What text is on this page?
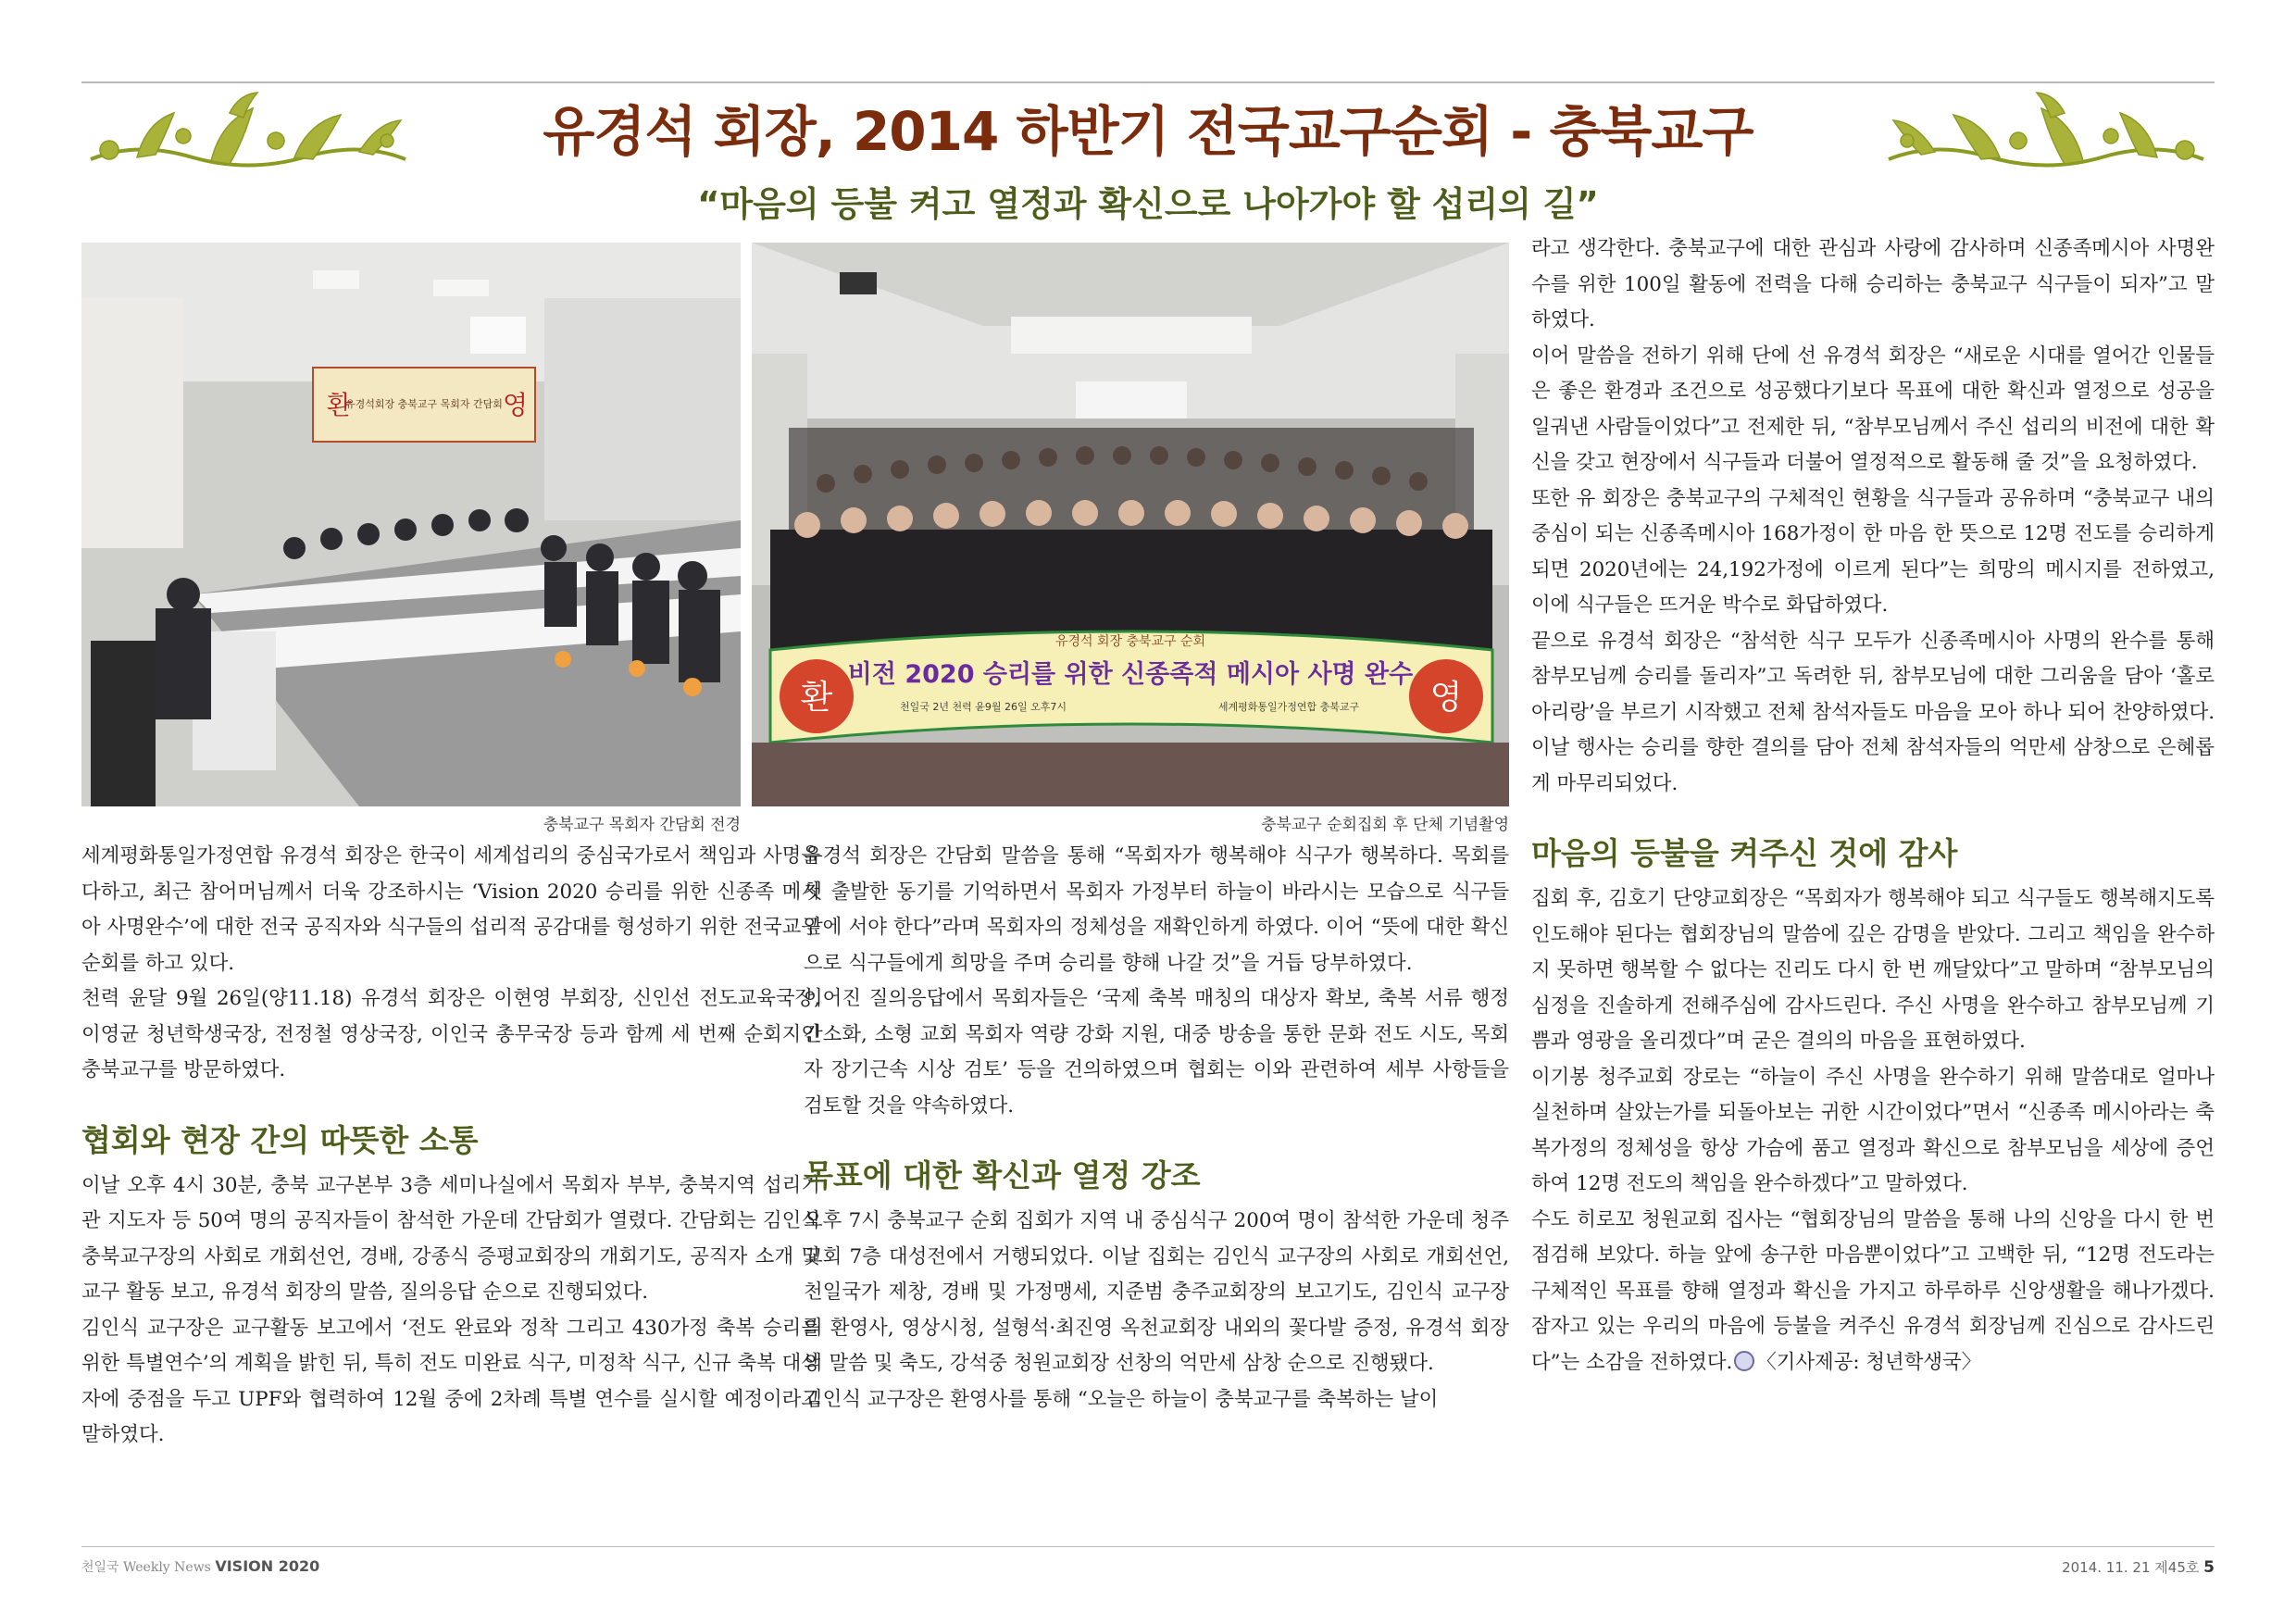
유경석 회장, 2014 하반기 전국교구순회 - 충북교구
“마음의 등불 켜고 열정과 확신으로 나아가야 할 섭리의 길”
환	영
유경석회장 충북교구 목회자 간담회
충북교구 목회자 간담회 전경
환	영
유경석 회장 충북교구 순회
비전 2020 승리를 위한 신종족적 메시아 사명 완수
천일국 2년 천력 윤9월 26일 오후7시	세계평화통일가정연합 충북교구
충북교구 순회집회 후 단체 기념촬영

세계평화통일가정연합 유경석 회장은 한국이 세계섭리의 중심국가로서 책임과 사명을 다하고, 최근 참어머님께서 더욱 강조하시는 ‘Vision 2020 승리를 위한 신종족 메시아 사명완수’에 대한 전국 공직자와 식구들의 섭리적 공감대를 형성하기 위한 전국교구순회를 하고 있다.

천력 윤달 9월 26일(양11.18) 유경석 회장은 이현영 부회장, 신인선 전도교육국장, 이영균 청년학생국장, 전정철 영상국장, 이인국 총무국장 등과 함께 세 번째 순회지인 충북교구를 방문하였다.

협회와 현장 간의 따뜻한 소통

이날 오후 4시 30분, 충북 교구본부 3층 세미나실에서 목회자 부부, 충북지역 섭리기관 지도자 등 50여 명의 공직자들이 참석한 가운데 간담회가 열렸다. 간담회는 김인식 충북교구장의 사회로 개회선언, 경배, 강종식 증평교회장의 개회기도, 공직자 소개 및 교구 활동 보고, 유경석 회장의 말씀, 질의응답 순으로 진행되었다.

김인식 교구장은 교구활동 보고에서 ‘전도 완료와 정착 그리고 430가정 축복 승리를 위한 특별연수’의 계획을 밝힌 뒤, 특히 전도 미완료 식구, 미정착 식구, 신규 축복 대상자에 중점을 두고 UPF와 협력하여 12월 중에 2차례 특별 연수를 실시할 예정이라고 말하였다.

유경석 회장은 간담회 말씀을 통해 “목회자가 행복해야 식구가 행복하다. 목회를 첫 출발한 동기를 기억하면서 목회자 가정부터 하늘이 바라시는 모습으로 식구들 앞에 서야 한다”라며 목회자의 정체성을 재확인하게 하였다. 이어 “뜻에 대한 확신으로 식구들에게 희망을 주며 승리를 향해 나갈 것”을 거듭 당부하였다.

이어진 질의응답에서 목회자들은 ‘국제 축복 매칭의 대상자 확보, 축복 서류 행정 간소화, 소형 교회 목회자 역량 강화 지원, 대중 방송을 통한 문화 전도 시도, 목회자 장기근속 시상 검토’ 등을 건의하였으며 협회는 이와 관련하여 세부 사항들을 검토할 것을 약속하였다.

목표에 대한 확신과 열정 강조

오후 7시 충북교구 순회 집회가 지역 내 중심식구 200여 명이 참석한 가운데 청주교회 7층 대성전에서 거행되었다. 이날 집회는 김인식 교구장의 사회로 개회선언, 천일국가 제창, 경배 및 가정맹세, 지준범 충주교회장의 보고기도, 김인식 교구장의 환영사, 영상시청, 설형석·최진영 옥천교회장 내외의 꽃다발 증정, 유경석 회장의 말씀 및 축도, 강석중 청원교회장 선창의 억만세 삼창 순으로 진행됐다.

김인식 교구장은 환영사를 통해 “오늘은 하늘이 충북교구를 축복하는 날이

라고 생각한다. 충북교구에 대한 관심과 사랑에 감사하며 신종족메시아 사명완수를 위한 100일 활동에 전력을 다해 승리하는 충북교구 식구들이 되자”고 말하였다.

이어 말씀을 전하기 위해 단에 선 유경석 회장은 “새로운 시대를 열어간 인물들은 좋은 환경과 조건으로 성공했다기보다 목표에 대한 확신과 열정으로 성공을 일궈낸 사람들이었다”고 전제한 뒤, “참부모님께서 주신 섭리의 비전에 대한 확신을 갖고 현장에서 식구들과 더불어 열정적으로 활동해 줄 것”을 요청하였다.

또한 유 회장은 충북교구의 구체적인 현황을 식구들과 공유하며 “충북교구 내의 중심이 되는 신종족메시아 168가정이 한 마음 한 뜻으로 12명 전도를 승리하게 되면 2020년에는 24,192가정에 이르게 된다”는 희망의 메시지를 전하였고, 이에 식구들은 뜨거운 박수로 화답하였다.

끝으로 유경석 회장은 “참석한 식구 모두가 신종족메시아 사명의 완수를 통해 참부모님께 승리를 돌리자”고 독려한 뒤, 참부모님에 대한 그리움을 담아 ‘홀로 아리랑’을 부르기 시작했고 전체 참석자들도 마음을 모아 하나 되어 찬양하였다. 이날 행사는 승리를 향한 결의를 담아 전체 참석자들의 억만세 삼창으로 은혜롭게 마무리되었다.

마음의 등불을 켜주신 것에 감사

집회 후, 김호기 단양교회장은 “목회자가 행복해야 되고 식구들도 행복해지도록 인도해야 된다는 협회장님의 말씀에 깊은 감명을 받았다. 그리고 책임을 완수하지 못하면 행복할 수 없다는 진리도 다시 한 번 깨달았다”고 말하며 “참부모님의 심정을 진솔하게 전해주심에 감사드린다. 주신 사명을 완수하고 참부모님께 기쁨과 영광을 올리겠다”며 굳은 결의의 마음을 표현하였다.

이기봉 청주교회 장로는 “하늘이 주신 사명을 완수하기 위해 말씀대로 얼마나 실천하며 살았는가를 되돌아보는 귀한 시간이었다”면서 “신종족 메시아라는 축복가정의 정체성을 항상 가슴에 품고 열정과 확신으로 참부모님을 세상에 증언하여 12명 전도의 책임을 완수하겠다”고 말하였다.

수도 히로꼬 청원교회 집사는 “협회장님의 말씀을 통해 나의 신앙을 다시 한 번 점검해 보았다. 하늘 앞에 송구한 마음뿐이었다”고 고백한 뒤, “12명 전도라는 구체적인 목표를 향해 열정과 확신을 가지고 하루하루 신앙생활을 해나가겠다. 잠자고 있는 우리의 마음에 등불을 켜주신 유경석 회장님께 진심으로 감사드린다”는 소감을 전하였다. 〈기사제공: 청년학생국〉

천일국 Weekly News VISION 2020	2014. 11. 21 제45호 5
